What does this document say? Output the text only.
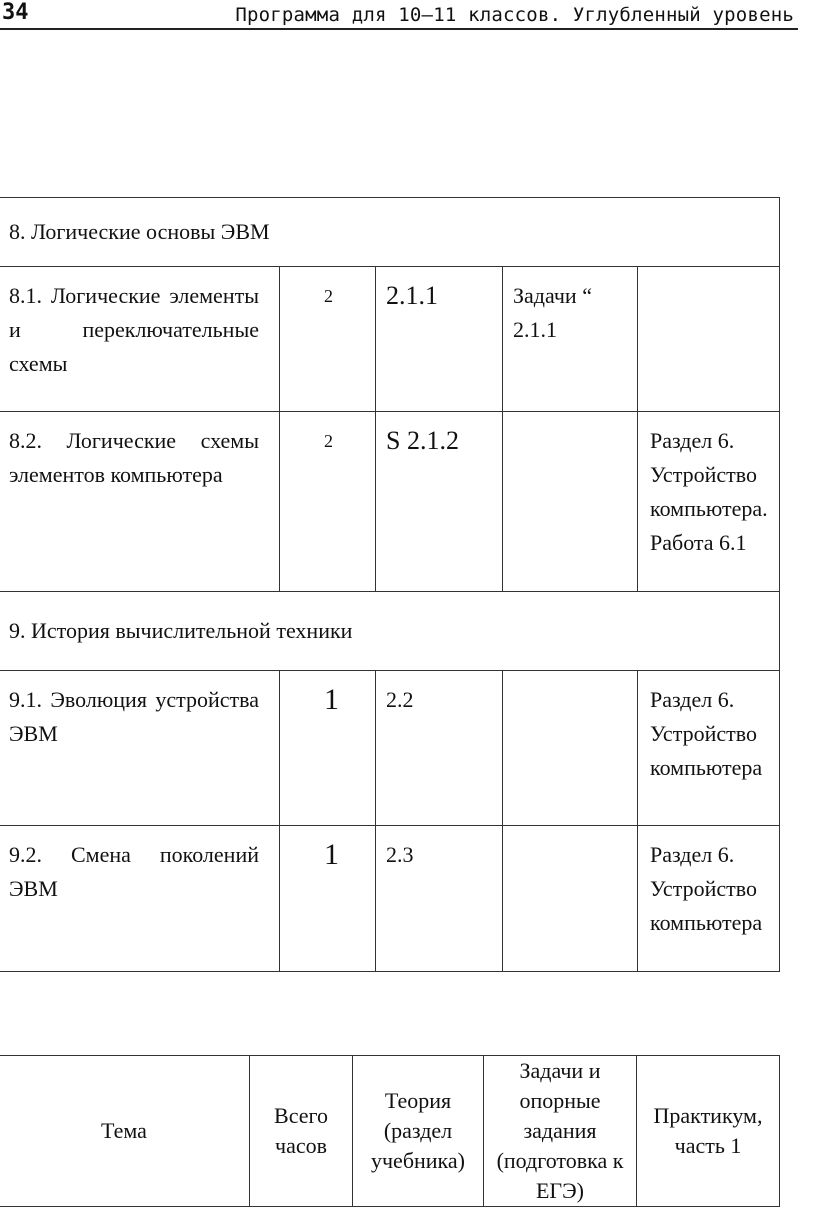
34	Программа для 10–11 классов. Углубленный уровень
8. Логические основы ЭВМ				
8.1. Логические элементы и переключательные схемы	2	2.1.1	Задачи “ 2.1.1	
8.2. Логические схемы элементов компьютера	2	S 2.1.2		Раздел 6. Устройство компьютера. Работа 6.1
9. История вычислительной техники				
9.1. Эволюция устройства ЭВМ	1	2.2		Раздел 6. Устройство компьютера
9.2. Смена поколений ЭВМ	1	2.3		Раздел 6. Устройство компьютера
Тема	Всего часов	Теория (раздел учебника)	Задачи и опорные задания (подготовка к ЕГЭ)	Практикум, часть 1
